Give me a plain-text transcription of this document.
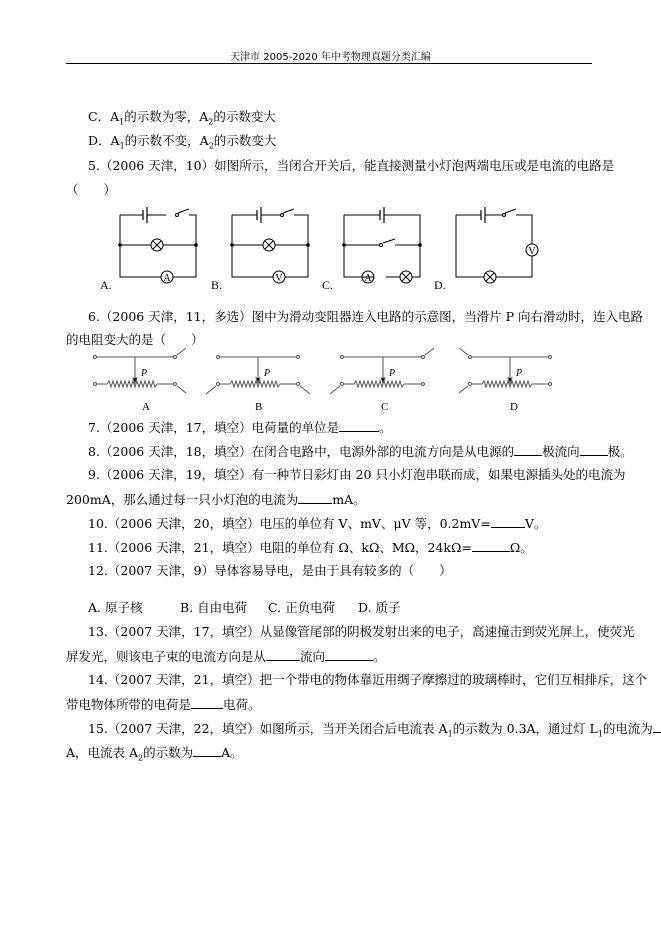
天津市 2005-2020 年中考物理真题分类汇编
C．$A_1$的示数为零，$A_2$的示数变大
D．$A_1$的示数不变，$A_2$的示数变大
5.（2006 天津，10）如图所示，当闭合开关后，能直接测量小灯泡两端电压或是电流的电路是
（　　）
A
A.	V
B.	A
C.
V
D.
P
A
P
B
P
C
P
D
6.（2006 天津，11，多选）图中为滑动变阻器连入电路的示意图，当滑片 P 向右滑动时，连入电路
的电阻变大的是（　　）
7.（2006 天津，17，填空）电荷量的单位是	。
8.（2006 天津，18，填空）在闭合电路中，电源外部的电流方向是从电源的 极流向 极。
9.（2006 天津，19，填空）有一种节日彩灯由 20 只小灯泡串联而成，如果电源插头处的电流为
200mA，那么通过每一只小灯泡的电流为	mA。
10.（2006 天津，20，填空）电压的单位有 V、mV、μV 等，0.2mV=	V。
11.（2006 天津，21，填空）电阻的单位有 Ω、kΩ、MΩ，24kΩ=	Ω。
12.（2007 天津，9）导体容易导电，是由于具有较多的（　　）
A. 原子核	B. 自由电荷 C. 正负电荷 D. 质子
13.（2007 天津，17，填空）从显像管尾部的阴极发射出来的电子，高速撞击到荧光屏上，使荧光
屏发光，则该电子束的电流方向是从	流向	。
14.（2007 天津，21，填空）把一个带电的物体靠近用绸子摩擦过的玻璃棒时，它们互相排斥，这个
带电物体所带的电荷是	电荷。
15.（2007 天津，22，填空）如图所示，当开关闭合后电流表 $A_1$的示数为 0.3A，通过灯 $L_1$的电流为
A，电流表 $A_2$的示数为 A。
